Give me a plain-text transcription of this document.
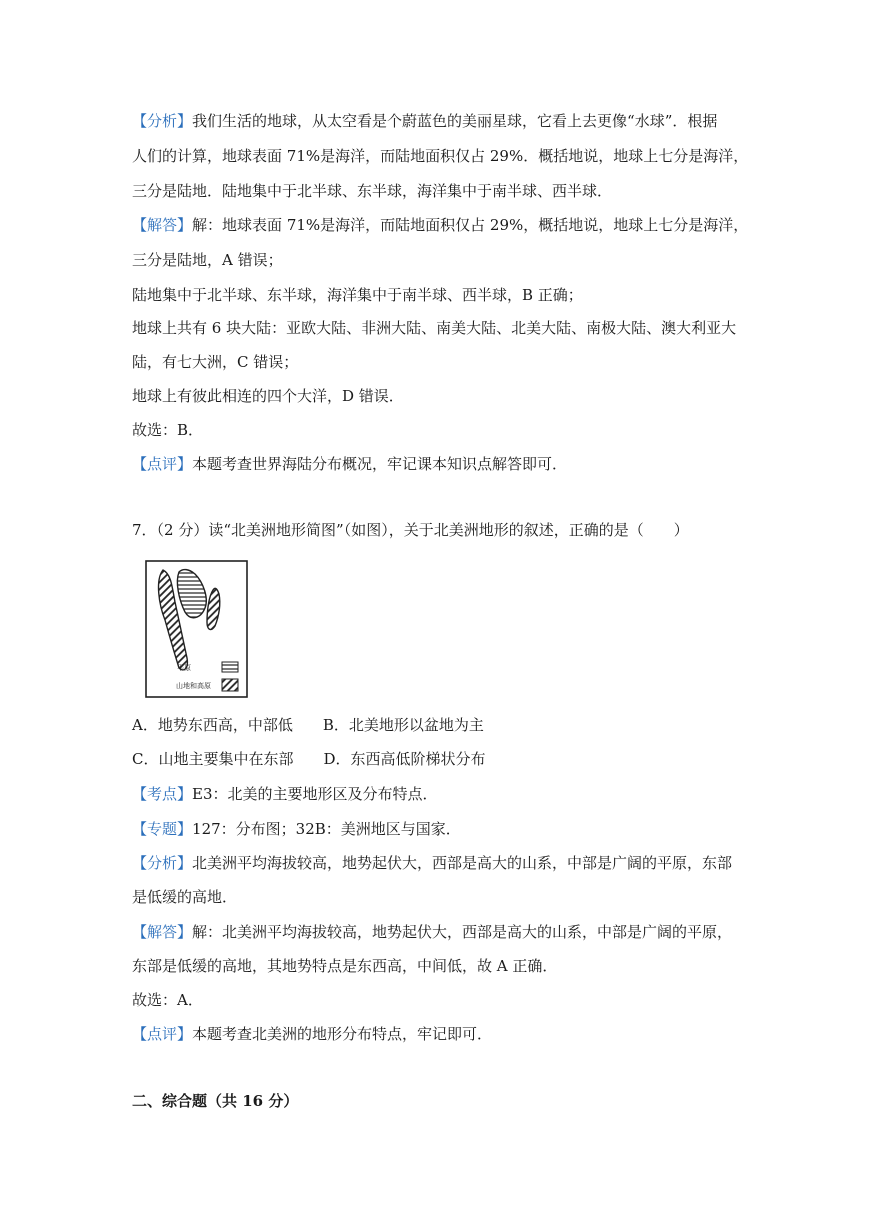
【分析】我们生活的地球，从太空看是个蔚蓝色的美丽星球，它看上去更像“水球”．根据
人们的计算，地球表面 71%是海洋，而陆地面积仅占 29%．概括地说，地球上七分是海洋，
三分是陆地．陆地集中于北半球、东半球，海洋集中于南半球、西半球．
【解答】解：地球表面 71%是海洋，而陆地面积仅占 29%，概括地说，地球上七分是海洋，
三分是陆地，A 错误；
陆地集中于北半球、东半球，海洋集中于南半球、西半球，B 正确；
地球上共有 6 块大陆：亚欧大陆、非洲大陆、南美大陆、北美大陆、南极大陆、澳大利亚大
陆，有七大洲，C 错误；
地球上有彼此相连的四个大洋，D 错误．
故选：B．
【点评】本题考查世界海陆分布概况，牢记课本知识点解答即可．
7．（2 分）读“北美洲地形简图”（如图），关于北美洲地形的叙述，正确的是（　　）
A．地势东西高，中部低　　B．北美地形以盆地为主
C．山地主要集中在东部　　D．东西高低阶梯状分布
【考点】E3：北美的主要地形区及分布特点．
【专题】127：分布图；32B：美洲地区与国家．
【分析】北美洲平均海拔较高，地势起伏大，西部是高大的山系，中部是广阔的平原，东部
是低缓的高地．
【解答】解：北美洲平均海拔较高，地势起伏大，西部是高大的山系，中部是广阔的平原，
东部是低缓的高地，其地势特点是东西高，中间低，故 A 正确．
故选：A．
【点评】本题考查北美洲的地形分布特点，牢记即可．
二、综合题（共 16 分）
平原
山地和高原
